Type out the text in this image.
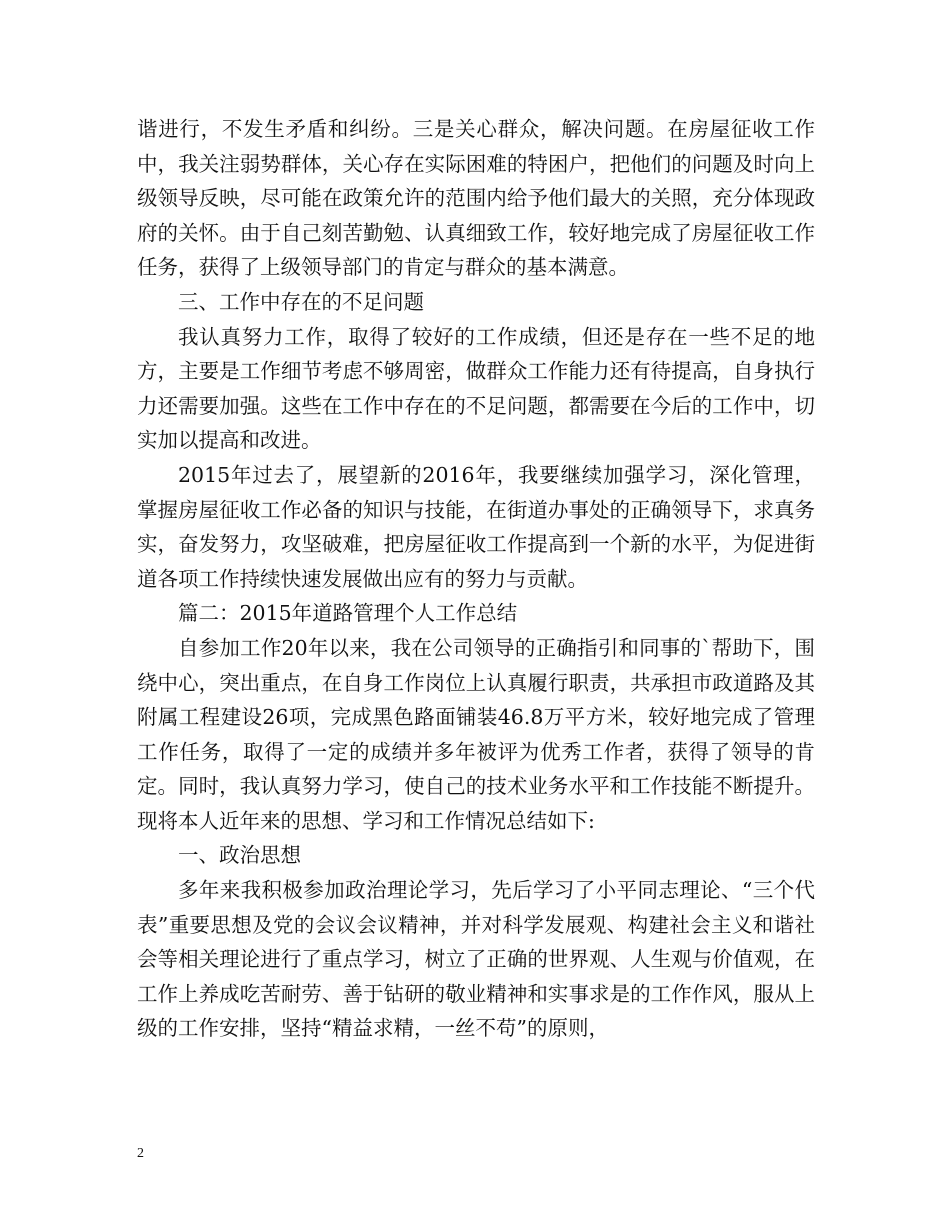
谐进行，不发生矛盾和纠纷。三是关心群众，解决问题。在房屋征收工作中，我关注弱势群体，关心存在实际困难的特困户，把他们的问题及时向上级领导反映，尽可能在政策允许的范围内给予他们最大的关照，充分体现政府的关怀。由于自己刻苦勤勉、认真细致工作，较好地完成了房屋征收工作任务，获得了上级领导部门的肯定与群众的基本满意。

三、工作中存在的不足问题

我认真努力工作，取得了较好的工作成绩，但还是存在一些不足的地方，主要是工作细节考虑不够周密，做群众工作能力还有待提高，自身执行力还需要加强。这些在工作中存在的不足问题，都需要在今后的工作中，切实加以提高和改进。

2015年过去了，展望新的2016年，我要继续加强学习，深化管理，掌握房屋征收工作必备的知识与技能，在街道办事处的正确领导下，求真务实，奋发努力，攻坚破难，把房屋征收工作提高到一个新的水平，为促进街道各项工作持续快速发展做出应有的努力与贡献。

篇二：2015年道路管理个人工作总结

自参加工作20年以来，我在公司领导的正确指引和同事的`帮助下，围绕中心，突出重点，在自身工作岗位上认真履行职责，共承担市政道路及其附属工程建设26项，完成黑色路面铺装46.8万平方米，较好地完成了管理工作任务，取得了一定的成绩并多年被评为优秀工作者，获得了领导的肯定。同时，我认真努力学习，使自己的技术业务水平和工作技能不断提升。现将本人近年来的思想、学习和工作情况总结如下:

一、政治思想

多年来我积极参加政治理论学习，先后学习了小平同志理论、“三个代表”重要思想及党的会议会议精神，并对科学发展观、构建社会主义和谐社会等相关理论进行了重点学习，树立了正确的世界观、人生观与价值观，在工作上养成吃苦耐劳、善于钻研的敬业精神和实事求是的工作作风，服从上级的工作安排，坚持“精益求精，一丝不苟”的原则，

2
